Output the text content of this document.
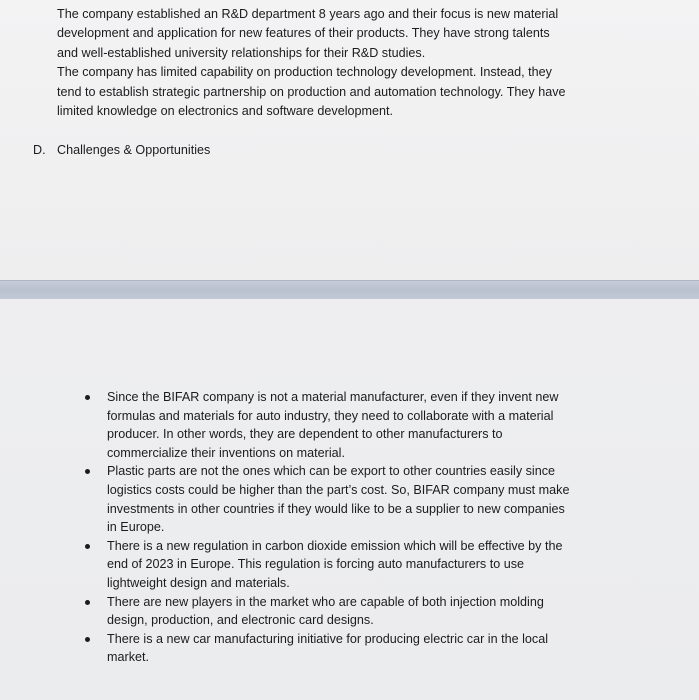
The company established an R&D department 8 years ago and their focus is new material
development and application for new features of their products. They have strong talents
and well-established university relationships for their R&D studies.
The company has limited capability on production technology development. Instead, they
tend to establish strategic partnership on production and automation technology. They have
limited knowledge on electronics and software development.

D. Challenges & Opportunities
Since the BIFAR company is not a material manufacturer, even if they invent new
formulas and materials for auto industry, they need to collaborate with a material
producer. In other words, they are dependent to other manufacturers to
commercialize their inventions on material.
Plastic parts are not the ones which can be export to other countries easily since
logistics costs could be higher than the part’s cost. So, BIFAR company must make
investments in other countries if they would like to be a supplier to new companies
in Europe.
There is a new regulation in carbon dioxide emission which will be effective by the
end of 2023 in Europe. This regulation is forcing auto manufacturers to use
lightweight design and materials.
There are new players in the market who are capable of both injection molding
design, production, and electronic card designs.
There is a new car manufacturing initiative for producing electric car in the local
market.
